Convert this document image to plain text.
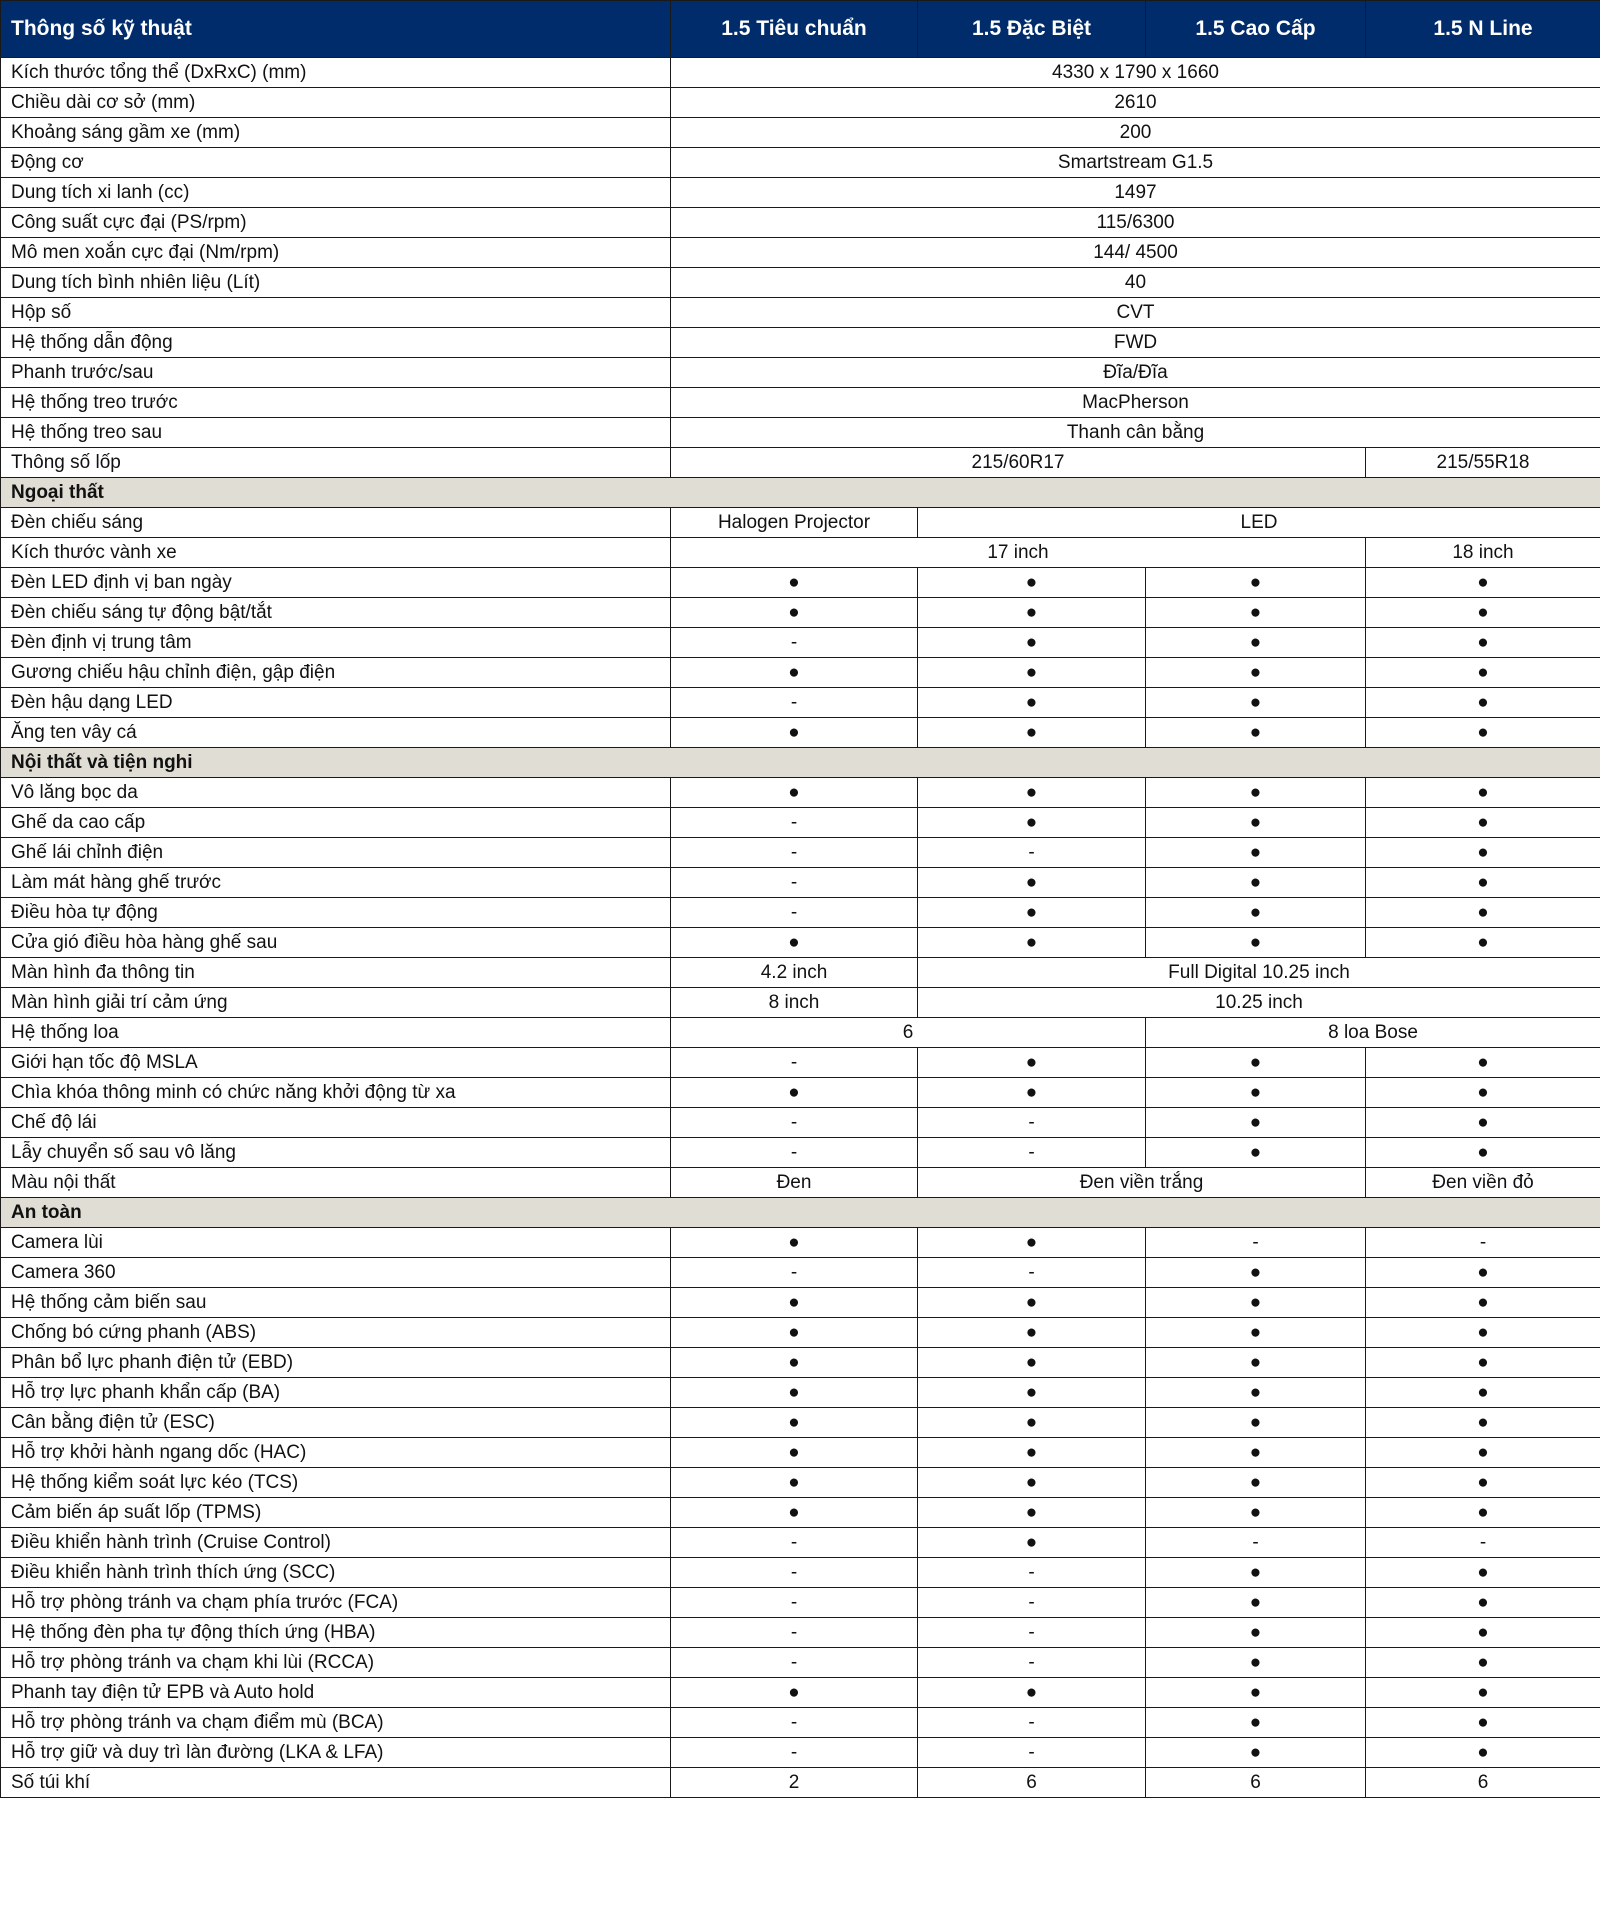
Thông số kỹ thuật	1.5 Tiêu chuẩn	1.5 Đặc Biệt	1.5 Cao Cấp	1.5 N Line
Kích thước tổng thể (DxRxC) (mm)	4330 x 1790 x 1660			
Chiều dài cơ sở (mm)	2610			
Khoảng sáng gầm xe (mm)	200			
Động cơ	Smartstream G1.5			
Dung tích xi lanh (cc)	1497			
Công suất cực đại (PS/rpm)	115/6300			
Mô men xoắn cực đại (Nm/rpm)	144/ 4500			
Dung tích bình nhiên liệu (Lít)	40			
Hộp số	CVT			
Hệ thống dẫn động	FWD			
Phanh trước/sau	Đĩa/Đĩa			
Hệ thống treo trước	MacPherson			
Hệ thống treo sau	Thanh cân bằng			
Thông số lốp	215/60R17			215/55R18
Ngoại thất				
Đèn chiếu sáng	Halogen Projector	LED		
Kích thước vành xe	17 inch			18 inch
Đèn LED định vị ban ngày	●	●	●	●
Đèn chiếu sáng tự động bật/tắt	●	●	●	●
Đèn định vị trung tâm	-	●	●	●
Gương chiếu hậu chỉnh điện, gập điện	●	●	●	●
Đèn hậu dạng LED	-	●	●	●
Ăng ten vây cá	●	●	●	●
Nội thất và tiện nghi				
Vô lăng bọc da	●	●	●	●
Ghế da cao cấp	-	●	●	●
Ghế lái chỉnh điện	-	-	●	●
Làm mát hàng ghế trước	-	●	●	●
Điều hòa tự động	-	●	●	●
Cửa gió điều hòa hàng ghế sau	●	●	●	●
Màn hình đa thông tin	4.2 inch	Full Digital 10.25 inch		
Màn hình giải trí cảm ứng	8 inch	10.25 inch		
Hệ thống loa	6		8 loa Bose	
Giới hạn tốc độ MSLA	-	●	●	●
Chìa khóa thông minh có chức năng khởi động từ xa	●	●	●	●
Chế độ lái	-	-	●	●
Lẫy chuyển số sau vô lăng	-	-	●	●
Màu nội thất	Đen	Đen viền trắng		Đen viền đỏ
An toàn				
Camera lùi	●	●	-	-
Camera 360	-	-	●	●
Hệ thống cảm biến sau	●	●	●	●
Chống bó cứng phanh (ABS)	●	●	●	●
Phân bổ lực phanh điện tử (EBD)	●	●	●	●
Hỗ trợ lực phanh khẩn cấp (BA)	●	●	●	●
Cân bằng điện tử (ESC)	●	●	●	●
Hỗ trợ khởi hành ngang dốc (HAC)	●	●	●	●
Hệ thống kiểm soát lực kéo (TCS)	●	●	●	●
Cảm biến áp suất lốp (TPMS)	●	●	●	●
Điều khiển hành trình (Cruise Control)	-	●	-	-
Điều khiển hành trình thích ứng (SCC)	-	-	●	●
Hỗ trợ phòng tránh va chạm phía trước (FCA)	-	-	●	●
Hệ thống đèn pha tự động thích ứng (HBA)	-	-	●	●
Hỗ trợ phòng tránh va chạm khi lùi (RCCA)	-	-	●	●
Phanh tay điện tử EPB và Auto hold	●	●	●	●
Hỗ trợ phòng tránh va chạm điểm mù (BCA)	-	-	●	●
Hỗ trợ giữ và duy trì làn đường (LKA & LFA)	-	-	●	●
Số túi khí	2	6	6	6
